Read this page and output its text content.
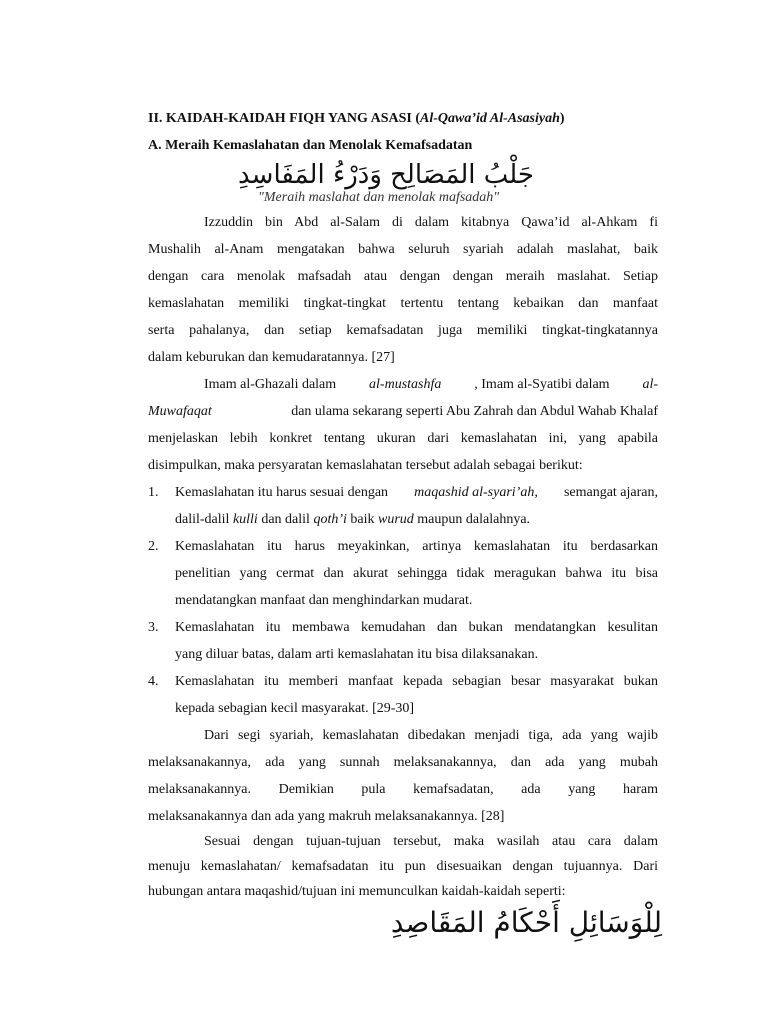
II. KAIDAH-KAIDAH FIQH YANG ASASI (Al-Qawa’id Al-Asasiyah)
A. Meraih Kemaslahatan dan Menolak Kemafsadatan
جَلْبُ المَصَالِح وَدَرْءُ المَفَاسِدِ
"Meraih maslahat dan menolak mafsadah"
Izzuddin bin Abd al-Salam di dalam kitabnya Qawa’id al-Ahkam fi
Mushalih al-Anam mengatakan bahwa seluruh syariah adalah maslahat, baik
dengan cara menolak mafsadah atau dengan dengan meraih maslahat. Setiap
kemaslahatan memiliki tingkat-tingkat tertentu tentang kebaikan dan manfaat
serta pahalanya, dan setiap kemafsadatan juga memiliki tingkat-tingkatannya
dalam keburukan dan kemudaratannya. [27]
Imam al-Ghazali dalam al-mustashfa , Imam al-Syatibi dalam al-
Muwafaqat	dan ulama sekarang seperti Abu Zahrah dan Abdul Wahab Khalaf
menjelaskan lebih konkret tentang ukuran dari kemaslahatan ini, yang apabila
disimpulkan, maka persyaratan kemaslahatan tersebut adalah sebagai berikut:
1. Kemaslahatan itu harus sesuai dengan maqashid al-syari’ah, semangat ajaran,
dalil-dalil kulli dan dalil qoth’i baik wurud maupun dalalahnya.
2. Kemaslahatan itu harus meyakinkan, artinya kemaslahatan itu berdasarkan
penelitian yang cermat dan akurat sehingga tidak meragukan bahwa itu bisa
mendatangkan manfaat dan menghindarkan mudarat.
3. Kemaslahatan itu membawa kemudahan dan bukan mendatangkan kesulitan
yang diluar batas, dalam arti kemaslahatan itu bisa dilaksanakan.
4. Kemaslahatan itu memberi manfaat kepada sebagian besar masyarakat bukan
kepada sebagian kecil masyarakat. [29-30]
Dari segi syariah, kemaslahatan dibedakan menjadi tiga, ada yang wajib
melaksanakannya, ada yang sunnah melaksanakannya, dan ada yang mubah
melaksanakannya. Demikian pula kemafsadatan, ada yang haram
melaksanakannya dan ada yang makruh melaksanakannya. [28]
Sesuai dengan tujuan-tujuan tersebut, maka wasilah atau cara dalam
menuju kemaslahatan/ kemafsadatan itu pun disesuaikan dengan tujuannya. Dari
hubungan antara maqashid/tujuan ini memunculkan kaidah-kaidah seperti:
لِلْوَسَائِلِ أَحْكَامُ المَقَاصِدِ
